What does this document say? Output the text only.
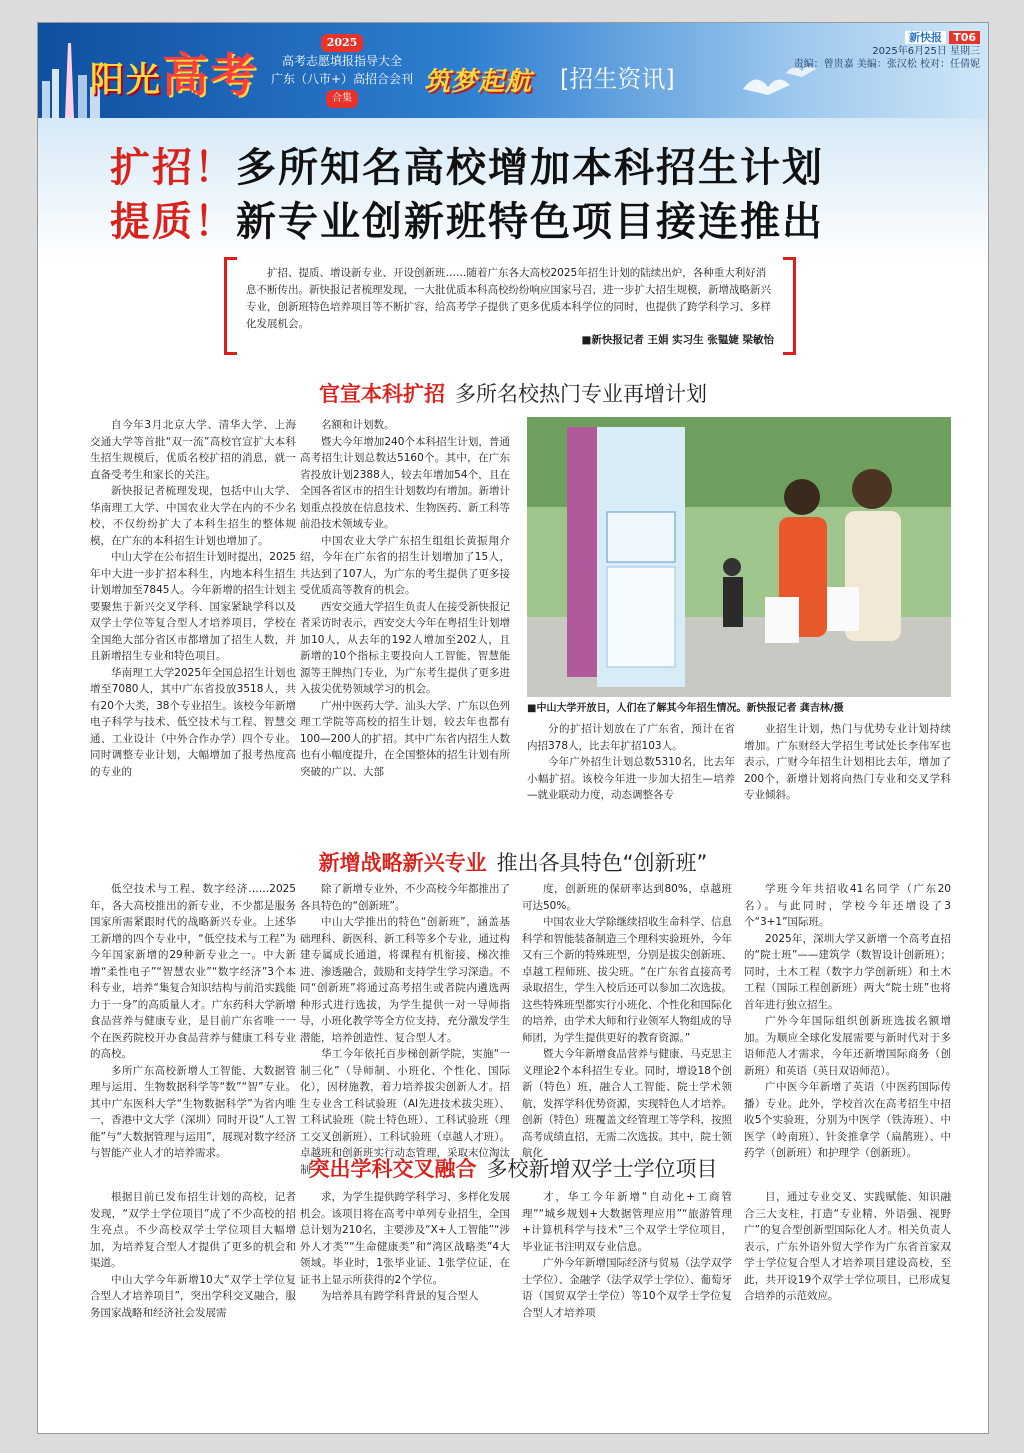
阳光高考
2025
高考志愿填报指导大全
广东（八市+）高招合会刊
合集
筑梦起航 [招生资讯]
新快报 T06
2025年6月25日 星期三
责编：曾贵嘉 美编：张汉松 校对：任倩妮
扩招！多所知名高校增加本科招生计划
提质！新专业创新班特色项目接连推出

扩招、提质、增设新专业、开设创新班……随着广东各大高校2025年招生计划的陆续出炉，各种重大利好消息不断传出。新快报记者梳理发现，一大批优质本科高校纷纷响应国家号召，进一步扩大招生规模，新增战略新兴专业，创新班特色培养项目等不断扩容，给高考学子提供了更多优质本科学位的同时，也提供了跨学科学习、多样化发展机会。

■新快报记者 王娟 实习生 张韫婕 梁敏怡
官宣本科扩招 多所名校热门专业再增计划

自今年3月北京大学、清华大学、上海交通大学等首批“双一流”高校官宣扩大本科生招生规模后，优质名校扩招的消息，就一直备受考生和家长的关注。

新快报记者梳理发现，包括中山大学、华南理工大学、中国农业大学在内的不少名校，不仅纷纷扩大了本科生招生的整体规模，在广东的本科招生计划也增加了。

中山大学在公布招生计划时提出，2025年中大进一步扩招本科生，内地本科生招生计划增加至7845人。今年新增的招生计划主要聚焦于新兴交叉学科、国家紧缺学科以及双学士学位等复合型人才培养项目，学校在全国绝大部分省区市都增加了招生人数，并且新增招生专业和特色项目。

华南理工大学2025年全国总招生计划也增至7080人，其中广东省投放3518人，共有20个大类，38个专业招生。该校今年新增电子科学与技术、低空技术与工程、智慧交通、工业设计（中外合作办学）四个专业。同时调整专业计划，大幅增加了报考热度高的专业的

名额和计划数。

暨大今年增加240个本科招生计划，普通高考招生计划总数达5160个。其中，在广东省投放计划2388人，较去年增加54个，且在全国各省区市的招生计划数均有增加。新增计划重点投放在信息技术、生物医药、新工科等前沿技术领域专业。

中国农业大学广东招生组组长黄振翔介绍，今年在广东省的招生计划增加了15人，共达到了107人，为广东的考生提供了更多接受优质高等教育的机会。

西安交通大学招生负责人在接受新快报记者采访时表示，西安交大今年在粤招生计划增加10人，从去年的192人增加至202人，且新增的10个指标主要投向人工智能、智慧能源等王牌热门专业，为广东考生提供了更多进入拔尖优势领域学习的机会。

广州中医药大学、汕头大学、广东以色列理工学院等高校的招生计划，较去年也都有100—200人的扩招。其中广东省内招生人数也有小幅度提升，在全国整体的招生计划有所突破的广以、大部

■中山大学开放日，人们在了解其今年招生情况。新快报记者 龚吉林/摄

分的扩招计划放在了广东省，预计在省内招378人，比去年扩招103人。

今年广外招生计划总数5310名，比去年小幅扩招。该校今年进一步加大招生—培养—就业联动力度，动态调整各专

业招生计划，热门与优势专业计划持续增加。广东财经大学招生考试处长李伟军也表示，广财今年招生计划相比去年，增加了200个，新增计划将向热门专业和交叉学科专业倾斜。

新增战略新兴专业 推出各具特色“创新班”

低空技术与工程、数字经济……2025年，各大高校推出的新专业，不少都是服务国家所需紧跟时代的战略新兴专业。上述华工新增的四个专业中，“低空技术与工程”为今年国家新增的29种新专业之一。中大新增“柔性电子”“智慧农业”“数字经济”3个本科专业，培养“集复合知识结构与前沿实践能力于一身”的高质量人才。广东药科大学新增食品营养与健康专业，是目前广东省唯一一个在医药院校开办食品营养与健康工科专业的高校。

多所广东高校新增人工智能、大数据管理与运用、生物数据科学等“数”“智”专业。其中广东医科大学“生物数据科学”为省内唯一，香港中文大学（深圳）同时开设“人工智能”与“大数据管理与运用”，展现对数字经济与智能产业人才的培养需求。

除了新增专业外，不少高校今年都推出了各具特色的“创新班”。

中山大学推出的特色“创新班”，涵盖基础理科、新医科、新工科等多个专业，通过构建专属成长通道，将课程有机衔接、梯次推进、渗透融合，鼓励和支持学生学习深造。不同“创新班”将通过高考招生或者院内遴选两种形式进行选拔，为学生提供一对一导师指导，小班化教学等全方位支持，充分激发学生潜能，培养创造性、复合型人才。

华工今年依托百步梯创新学院，实施“一制三化”（导师制、小班化、个性化、国际化），因材施教，着力培养拔尖创新人才。招生专业含工科试验班（AI先进技术拔尖班）、工科试验班（院士特色班）、工科试验班（理工交叉创新班）、工科试验班（卓越人才班）。卓越班和创新班实行动态管理，采取末位淘汰制

度，创新班的保研率达到80%，卓越班可达50%。

中国农业大学除继续招收生命科学、信息科学和智能装备制造三个理科实验班外，今年又有三个新的特殊班型，分别是拔尖创新班、卓越工程师班、拔尖班。“在广东省直接高考录取招生，学生入校后还可以参加二次选拔。这些特殊班型都实行小班化、个性化和国际化的培养，由学术大师和行业领军人物组成的导师团，为学生提供更好的教育资源。”

暨大今年新增食品营养与健康、马克思主义理论2个本科招生专业。同时，增设18个创新（特色）班，融合人工智能、院士学术领航，发挥学科优势资源，实现特色人才培养。创新（特色）班覆盖文经管理工等学科，按照高考成绩直招，无需二次选拔。其中，院士领航化

学班今年共招收41名同学（广东20名）。与此同时，学校今年还增设了3个“3+1”国际班。

2025年，深圳大学又新增一个高考直招的“院士班”——建筑学（数智设计创新班）；同时，土木工程（数字力学创新班）和土木工程（国际工程创新班）两大“院士班”也将首年进行独立招生。

广外今年国际组织创新班选拔名额增加。为顺应全球化发展需要与新时代对于多语师范人才需求，今年还新增国际商务（创新班）和英语（英日双语师范）。

广中医今年新增了英语（中医药国际传播）专业。此外，学校首次在高考招生中招收5个实验班，分别为中医学（铁涛班）、中医学（岭南班）、针灸推拿学（扁鹊班）、中药学（创新班）和护理学（创新班）。

突出学科交叉融合 多校新增双学士学位项目

根据目前已发布招生计划的高校，记者发现，“双学士学位项目”成了不少高校的招生亮点。不少高校双学士学位项目大幅增加，为培养复合型人才提供了更多的机会和渠道。

中山大学今年新增10大“双学士学位复合型人才培养项目”，突出学科交叉融合，服务国家战略和经济社会发展需

求，为学生提供跨学科学习、多样化发展机会。该项目将在高考中单列专业招生，全国总计划为210名，主要涉及“X+人工智能”“涉外人才类”“生命健康类”和“湾区战略类”4大领域。毕业时，1张毕业证、1张学位证，在证书上显示所获得的2个学位。

为培养具有跨学科背景的复合型人

才，华工今年新增“自动化+工商管理”“城乡规划+大数据管理应用”“旅游管理+计算机科学与技术”三个双学士学位项目，毕业证书注明双专业信息。

广外今年新增国际经济与贸易（法学双学士学位）、金融学（法学双学士学位）、葡萄牙语（国贸双学士学位）等10个双学士学位复合型人才培养项

目，通过专业交叉、实践赋能、知识融合三大支柱，打造“专业精、外语强、视野广”的复合型创新型国际化人才。相关负责人表示，广东外语外贸大学作为广东省首家双学士学位复合型人才培养项目建设高校，至此，共开设19个双学士学位项目，已形成复合培养的示范效应。
